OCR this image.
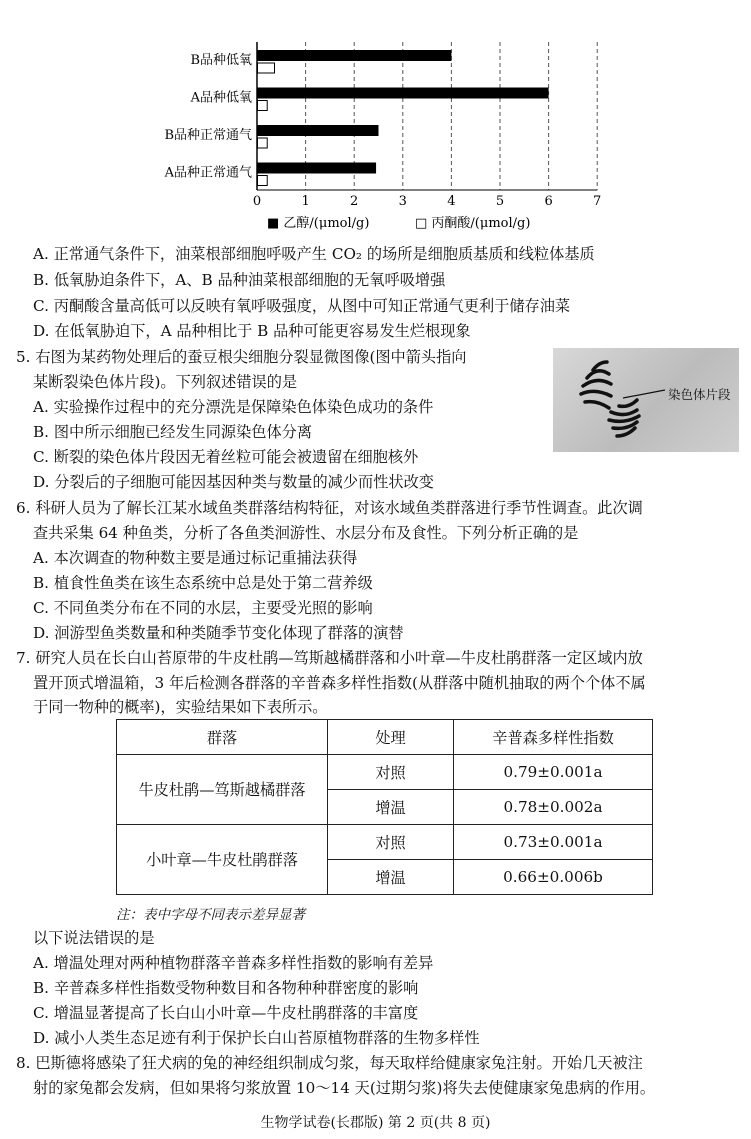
B品种低氧
A品种低氧
B品种正常通气
A品种正常通气
0	1	2	3	4	5	6	7
■ 乙醇/(μmol/g)	□ 丙酮酸/(μmol/g)
A. 正常通气条件下，油菜根部细胞呼吸产生 CO₂ 的场所是细胞质基质和线粒体基质
B. 低氧胁迫条件下，A、B 品种油菜根部细胞的无氧呼吸增强
C. 丙酮酸含量高低可以反映有氧呼吸强度，从图中可知正常通气更利于储存油菜
D. 在低氧胁迫下，A 品种相比于 B 品种可能更容易发生烂根现象
5. 右图为某药物处理后的蚕豆根尖细胞分裂显微图像(图中箭头指向
某断裂染色体片段)。下列叙述错误的是
A. 实验操作过程中的充分漂洗是保障染色体染色成功的条件
B. 图中所示细胞已经发生同源染色体分离
C. 断裂的染色体片段因无着丝粒可能会被遗留在细胞核外
D. 分裂后的子细胞可能因基因种类与数量的减少而性状改变
染色体片段
6. 科研人员为了解长江某水域鱼类群落结构特征，对该水域鱼类群落进行季节性调查。此次调
查共采集 64 种鱼类，分析了各鱼类洄游性、水层分布及食性。下列分析正确的是
A. 本次调查的物种数主要是通过标记重捕法获得
B. 植食性鱼类在该生态系统中总是处于第二营养级
C. 不同鱼类分布在不同的水层，主要受光照的影响
D. 洄游型鱼类数量和种类随季节变化体现了群落的演替
7. 研究人员在长白山苔原带的牛皮杜鹃—笃斯越橘群落和小叶章—牛皮杜鹃群落一定区域内放
置开顶式增温箱，3 年后检测各群落的辛普森多样性指数(从群落中随机抽取的两个个体不属
于同一物种的概率)，实验结果如下表所示。
群落	处理	辛普森多样性指数
牛皮杜鹃—笃斯越橘群落	对照	0.79±0.001a
	增温	0.78±0.002a
小叶章—牛皮杜鹃群落	对照	0.73±0.001a
	增温	0.66±0.006b
注：表中字母不同表示差异显著
以下说法错误的是
A. 增温处理对两种植物群落辛普森多样性指数的影响有差异
B. 辛普森多样性指数受物种数目和各物种种群密度的影响
C. 增温显著提高了长白山小叶章—牛皮杜鹃群落的丰富度
D. 减小人类生态足迹有利于保护长白山苔原植物群落的生物多样性
8. 巴斯德将感染了狂犬病的兔的神经组织制成匀浆，每天取样给健康家兔注射。开始几天被注
射的家兔都会发病，但如果将匀浆放置 10～14 天(过期匀浆)将失去使健康家兔患病的作用。
生物学试卷(长郡版) 第 2 页(共 8 页)
